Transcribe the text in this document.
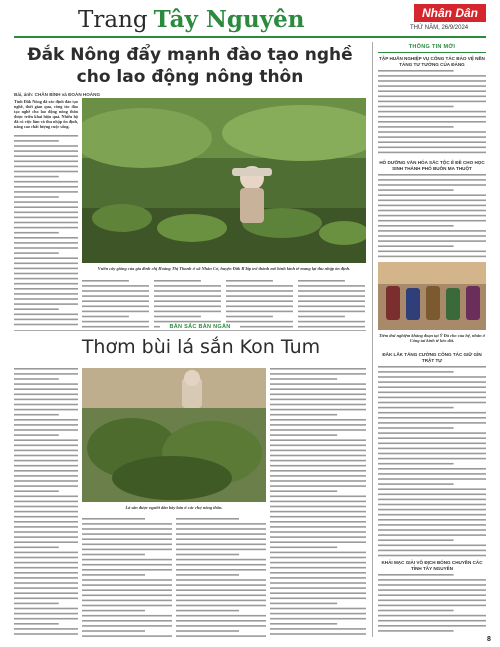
Trang Tây Nguyên	Nhân Dân
THỨ NĂM, 26/9/2024
Đắk Nông đẩy mạnh đào tạo nghề
cho lao động nông thôn
Bài, ảnh: CHÂN BÌNH và ĐOÀN HOÀNG

Tỉnh Đắk Nông đã xác định đào tạo nghề, thời gian qua, công tác đào tạo nghề cho lao động nông thôn được triển khai hiệu quả. Nhiều hộ đã có việc làm và thu nhập ổn định, nâng cao chất lượng cuộc sống.

Vườn cây giống của gia đình chị Hoàng Thị Thanh ở xã Nhân Cơ, huyện Đắk R'lấp trở thành mô hình kinh tế mang lại thu nhập ổn định.

BẢN SẮC BẢN NGÀN
Thơm bùi lá sắn Kon Tum
Lá sắn được người dân bày bán ở các chợ nông thôn.
THÔNG TIN MỚI
TẬP HUẤN NGHIỆP VỤ CÔNG TÁC BẢO VỆ NỀN TẢNG TƯ TƯỞNG CỦA ĐẢNG
HỖ DƯỠNG VĂN HÓA SẮC TỘC Ê ĐÊ CHO HỌC SINH THÀNH PHỐ BUÔN MA THUỘT
Tiêm thử nghiệm khăng đoạn tại Ý Đà cho của hệ, nhân ở Cổng tai kinh tế kéo dài.
ĐẮK LẮK TĂNG CƯỜNG CÔNG TÁC GIỮ GÌN TRẬT TỰ
KHẢI MẠC GIẢI VÔ ĐỊCH BÓNG CHUYỀN CÁC TỈNH TÂY NGUYÊN
8
